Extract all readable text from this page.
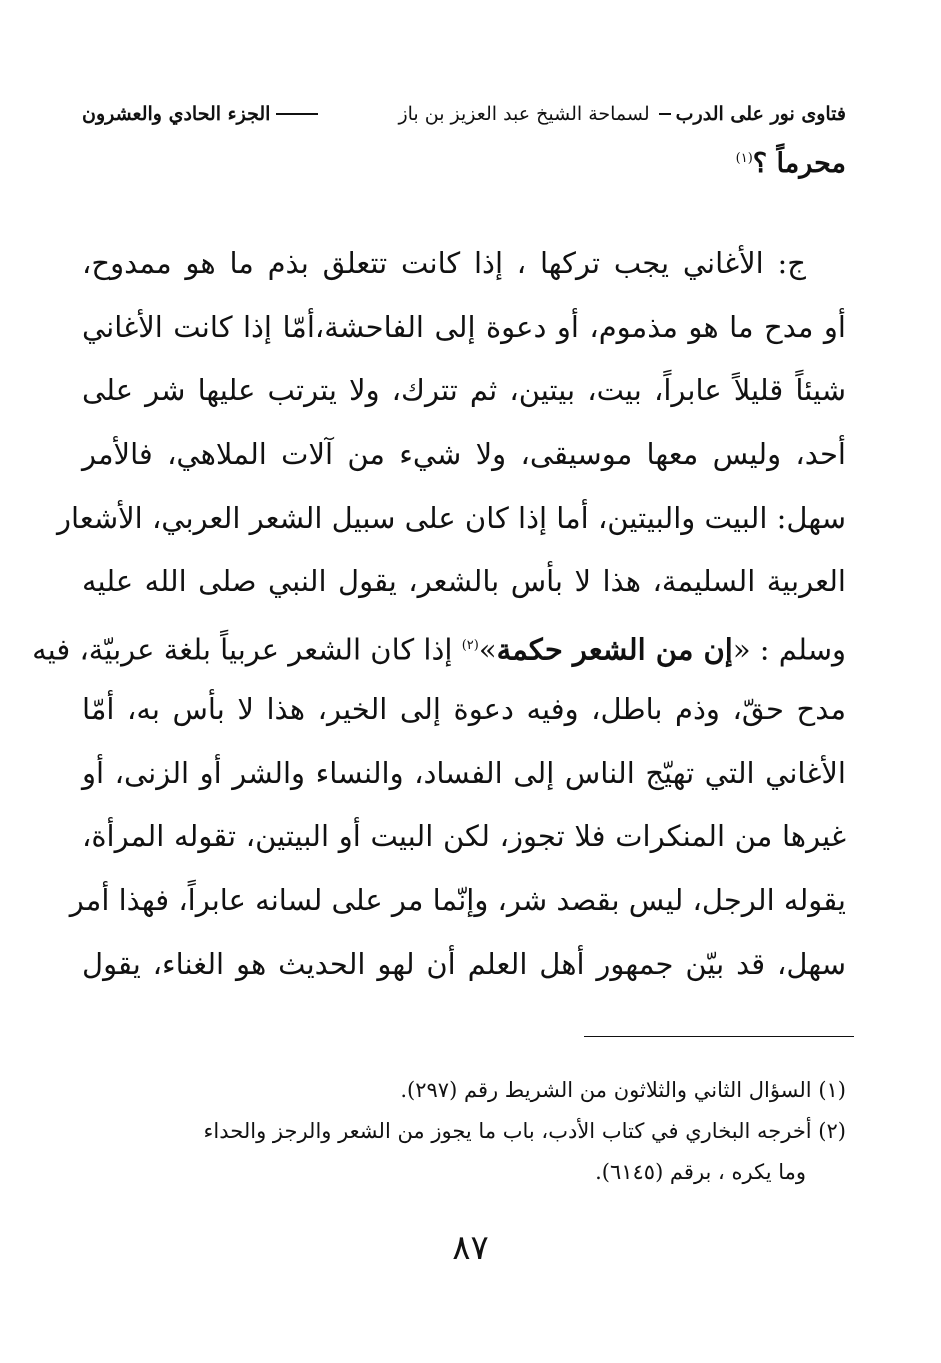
فتاوى نور على الدرب
لسماحة الشيخ عبد العزيز بن باز
الجزء الحادي والعشرون
محرماً ؟$^{(١)}$
ج: الأغاني يجب تركها ، إذا كانت تتعلق بذم ما هو ممدوح،
أو مدح ما هو مذموم، أو دعوة إلى الفاحشة،أمّا إذا كانت الأغاني
شيئاً قليلاً عابراً، بيت، بيتين، ثم تترك، ولا يترتب عليها شر على
أحد، وليس معها موسيقى، ولا شيء من آلات الملاهي، فالأمر
سهل: البيت والبيتين، أما إذا كان على سبيل الشعر العربي، الأشعار
العربية السليمة، هذا لا بأس بالشعر، يقول النبي صلى الله عليه
وسلم : «إن من الشعر حكمة»$^{(٢)}$ إذا كان الشعر عربياً بلغة عربيّة، فيه
مدح حقّ، وذم باطل، وفيه دعوة إلى الخير، هذا لا بأس به، أمّا
الأغاني التي تهيّج الناس إلى الفساد، والنساء والشر أو الزنى، أو
غيرها من المنكرات فلا تجوز، لكن البيت أو البيتين، تقوله المرأة،
يقوله الرجل، ليس بقصد شر، وإنّما مر على لسانه عابراً، فهذا أمر
سهل، قد بيّن جمهور أهل العلم أن لهو الحديث هو الغناء، يقول
(١) السؤال الثاني والثلاثون من الشريط رقم (٢٩٧).
(٢) أخرجه البخاري في كتاب الأدب، باب ما يجوز من الشعر والرجز والحداء
وما يكره ، برقم (٦١٤٥).
٨٧
